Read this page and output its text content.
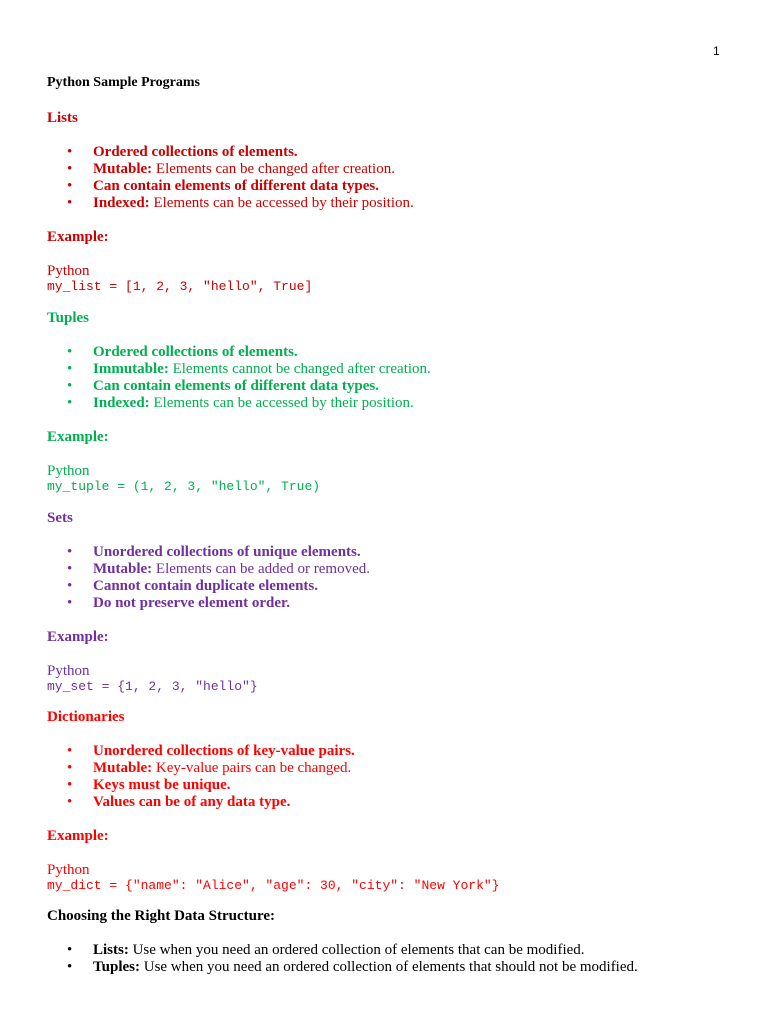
1

Python Sample Programs

Lists

• Ordered collections of elements.
• Mutable: Elements can be changed after creation.
• Can contain elements of different data types.
• Indexed: Elements can be accessed by their position.

Example:

Python

my_list = [1, 2, 3, "hello", True]

Tuples

• Ordered collections of elements.
• Immutable: Elements cannot be changed after creation.
• Can contain elements of different data types.
• Indexed: Elements can be accessed by their position.

Example:

Python

my_tuple = (1, 2, 3, "hello", True)

Sets

• Unordered collections of unique elements.
• Mutable: Elements can be added or removed.
• Cannot contain duplicate elements.
• Do not preserve element order.

Example:

Python

my_set = {1, 2, 3, "hello"}

Dictionaries

• Unordered collections of key-value pairs.
• Mutable: Key-value pairs can be changed.
• Keys must be unique.
• Values can be of any data type.

Example:

Python

my_dict = {"name": "Alice", "age": 30, "city": "New York"}

Choosing the Right Data Structure:

• Lists: Use when you need an ordered collection of elements that can be modified.
• Tuples: Use when you need an ordered collection of elements that should not be modified.
